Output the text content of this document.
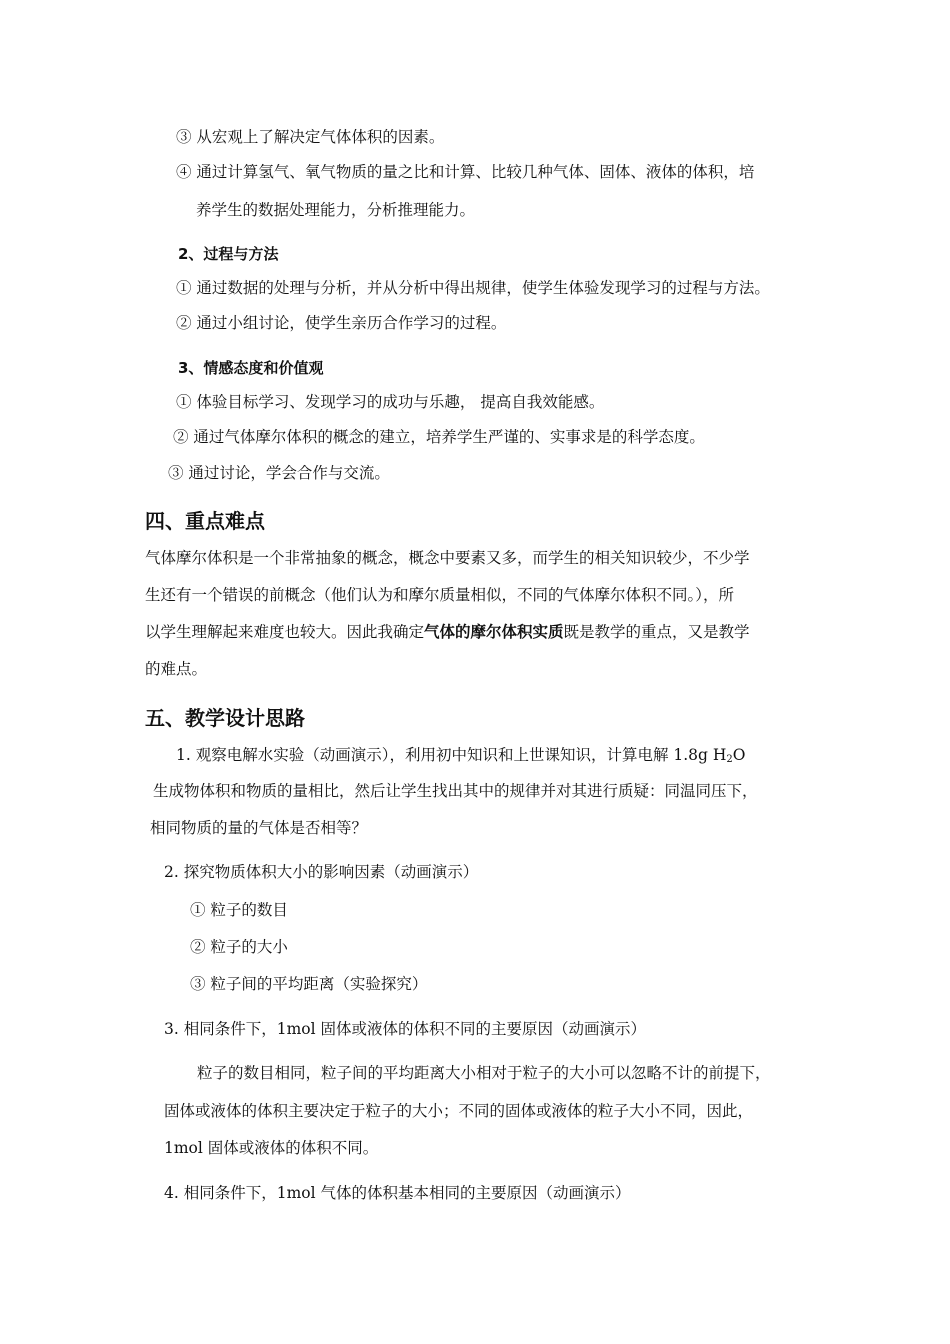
③ 从宏观上了解决定气体体积的因素。
④ 通过计算氢气、氧气物质的量之比和计算、比较几种气体、固体、液体的体积，培
养学生的数据处理能力，分析推理能力。
2、过程与方法
① 通过数据的处理与分析，并从分析中得出规律，使学生体验发现学习的过程与方法。
② 通过小组讨论，使学生亲历合作学习的过程。
3、情感态度和价值观
① 体验目标学习、发现学习的成功与乐趣， 提高自我效能感。
② 通过气体摩尔体积的概念的建立，培养学生严谨的、实事求是的科学态度。
③ 通过讨论，学会合作与交流。
四、重点难点
气体摩尔体积是一个非常抽象的概念，概念中要素又多，而学生的相关知识较少，不少学
生还有一个错误的前概念（他们认为和摩尔质量相似，不同的气体摩尔体积不同。），所
以学生理解起来难度也较大。因此我确定气体的摩尔体积实质既是教学的重点，又是教学
的难点。
五、教学设计思路
1. 观察电解水实验（动画演示），利用初中知识和上世课知识，计算电解 1.8g $H_2O$
生成物体积和物质的量相比，然后让学生找出其中的规律并对其进行质疑：同温同压下，
相同物质的量的气体是否相等？
2. 探究物质体积大小的影响因素（动画演示）
① 粒子的数目
② 粒子的大小
③ 粒子间的平均距离（实验探究）
3. 相同条件下，1mol 固体或液体的体积不同的主要原因（动画演示）
粒子的数目相同，粒子间的平均距离大小相对于粒子的大小可以忽略不计的前提下，
固体或液体的体积主要决定于粒子的大小；不同的固体或液体的粒子大小不同，因此，
1mol 固体或液体的体积不同。
4. 相同条件下，1mol 气体的体积基本相同的主要原因（动画演示）
